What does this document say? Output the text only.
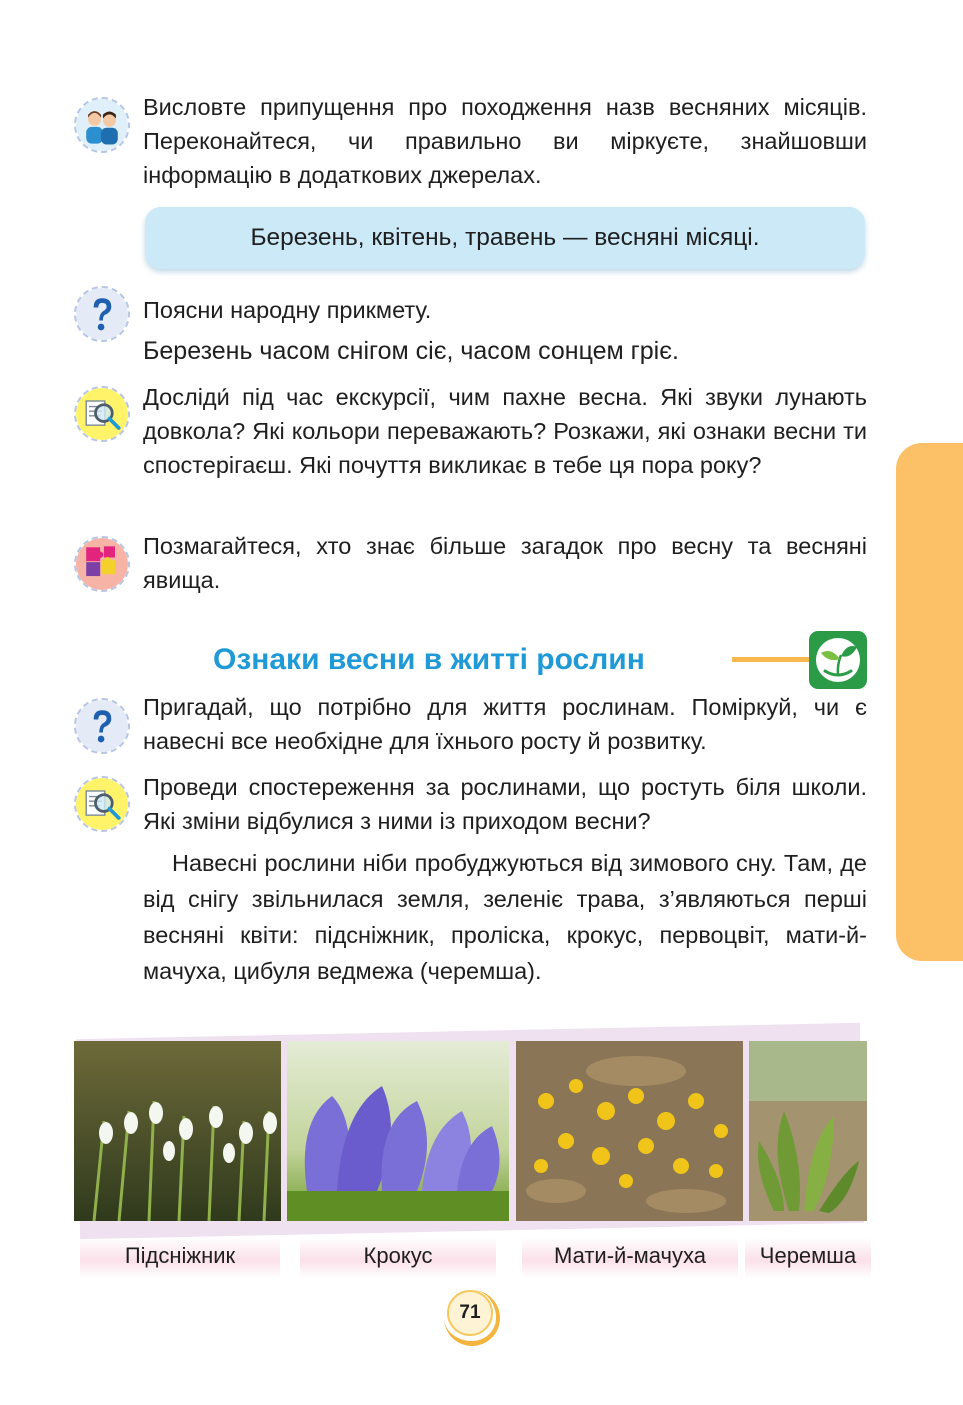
Висловте припущення про походження назв весняних місяців. Переконайтеся, чи правильно ви міркуєте, знайшовши інформацію в додаткових джерелах.
Березень, квітень, травень — весняні місяці.
Поясни народну прикмету.
Березень часом снігом сіє, часом сонцем гріє.
Досліди́ під час екскурсії, чим пахне весна. Які звуки лунають довкола? Які кольори переважають? Розкажи, які ознаки весни ти спостерігаєш. Які почуття викликає в тебе ця пора року?
Позмагайтеся, хто знає більше загадок про весну та весняні явища.
Ознаки весни в житті рослин
Пригадай, що потрібно для життя рослинам. Поміркуй, чи є навесні все необхідне для їхнього росту й розвитку.
Проведи спостереження за рослинами, що ростуть біля школи. Які зміни відбулися з ними із приходом весни?
Навесні рослини ніби пробуджуються від зимового сну. Там, де від снігу звільнилася земля, зеленіє трава, з’являються перші весняні квіти: підсніжник, проліска, крокус, первоцвіт, мати-й-мачуха, цибуля ведмежа (черемша).
Підсніжник	Крокус	Мати-й-мачуха	Черемша
71
